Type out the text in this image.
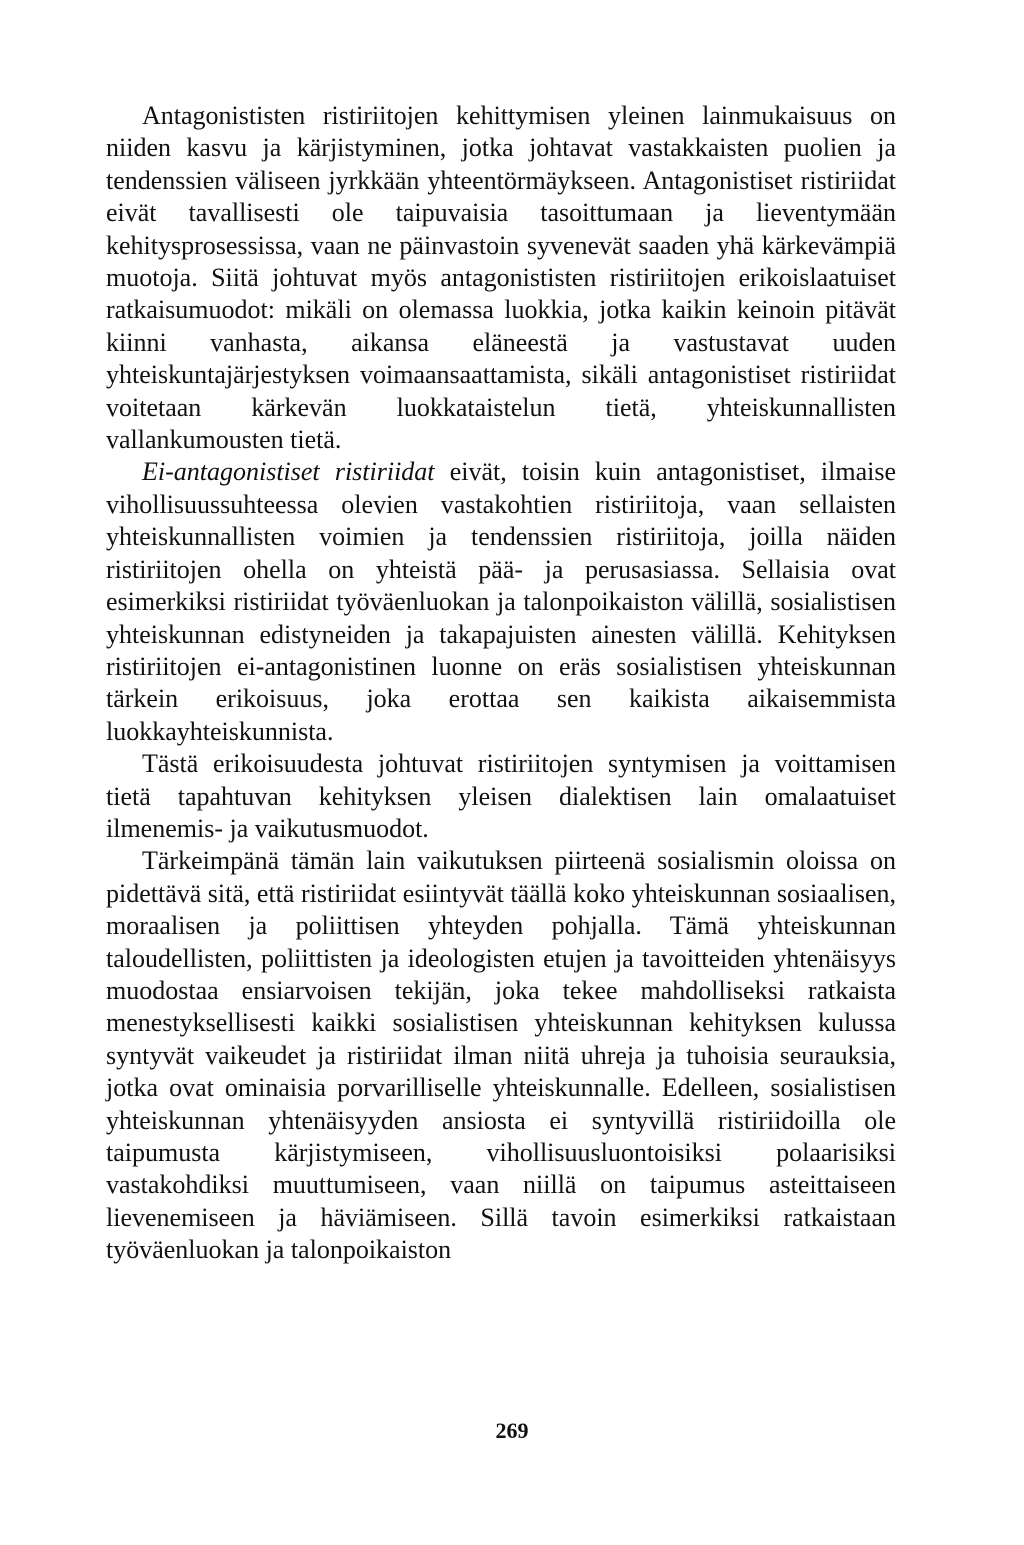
Antagonististen ristiriitojen kehittymisen yleinen lainmukaisuus on niiden kasvu ja kärjistyminen, jotka johtavat vastakkaisten puolien ja tendenssien väliseen jyrkkään yhteentörmäykseen. Antagonistiset ristiriidat eivät tavallisesti ole taipuvaisia tasoittumaan ja lieventymään kehitysprosessissa, vaan ne päinvastoin syvenevät saaden yhä kärkevämpiä muotoja. Siitä johtuvat myös antagonististen ristiriitojen erikoislaatuiset ratkaisumuodot: mikäli on olemassa luokkia, jotka kaikin keinoin pitävät kiinni vanhasta, aikansa eläneestä ja vastustavat uuden yhteiskuntajärjestyksen voimaansaattamista, sikäli antagonistiset ristiriidat voitetaan kärkevän luokkataistelun tietä, yhteiskunnallisten vallankumousten tietä.

Ei-antagonistiset ristiriidat eivät, toisin kuin antagonistiset, ilmaise vihollisuussuhteessa olevien vastakohtien ristiriitoja, vaan sellaisten yhteiskunnallisten voimien ja tendenssien ristiriitoja, joilla näiden ristiriitojen ohella on yhteistä pää- ja perusasiassa. Sellaisia ovat esimerkiksi ristiriidat työväenluokan ja talonpoikaiston välillä, sosialistisen yhteiskunnan edistyneiden ja takapajuisten ainesten välillä. Kehityksen ristiriitojen ei-antagonistinen luonne on eräs sosialistisen yhteiskunnan tärkein erikoisuus, joka erottaa sen kaikista aikaisemmista luokkayhteiskunnista.

Tästä erikoisuudesta johtuvat ristiriitojen syntymisen ja voittamisen tietä tapahtuvan kehityksen yleisen dialektisen lain omalaatuiset ilmenemis- ja vaikutusmuodot.

Tärkeimpänä tämän lain vaikutuksen piirteenä sosialismin oloissa on pidettävä sitä, että ristiriidat esiintyvät täällä koko yhteiskunnan sosiaalisen, moraalisen ja poliittisen yhteyden pohjalla. Tämä yhteiskunnan taloudellisten, poliittisten ja ideologisten etujen ja tavoitteiden yhtenäisyys muodostaa ensiarvoisen tekijän, joka tekee mahdolliseksi ratkaista menestyksellisesti kaikki sosialistisen yhteiskunnan kehityksen kulussa syntyvät vaikeudet ja ristiriidat ilman niitä uhreja ja tuhoisia seurauksia, jotka ovat ominaisia porvarilliselle yhteiskunnalle. Edelleen, sosialistisen yhteiskunnan yhtenäisyyden ansiosta ei syntyvillä ristiriidoilla ole taipumusta kärjistymiseen, vihollisuusluontoisiksi polaarisiksi vastakohdiksi muuttumiseen, vaan niillä on taipumus asteittaiseen lievenemiseen ja häviämiseen. Sillä tavoin esimerkiksi ratkaistaan työväenluokan ja talonpoikaiston

269
